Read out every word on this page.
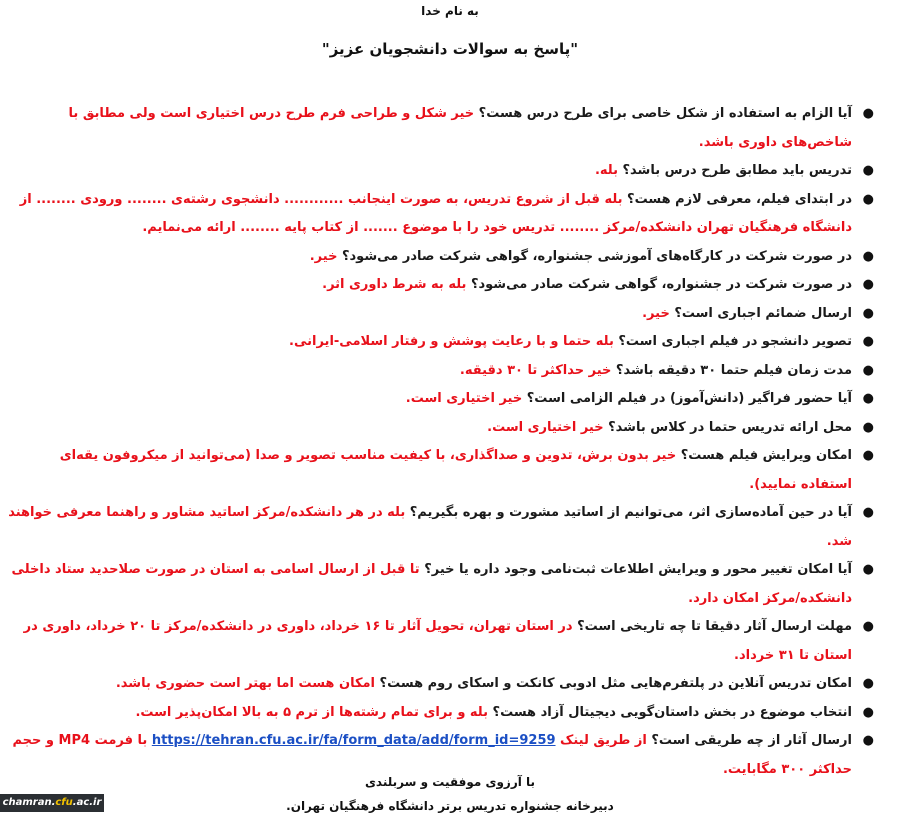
به نام خدا
"پاسخ به سوالات دانشجویان عزیز"
●
آیا الزام به استفاده از شکل خاصی برای طرح درس هست؟ خیر شکل و طراحی فرم طرح درس اختیاری است ولی مطابق با شاخص‌های داوری باشد.
●
تدریس باید مطابق طرح درس باشد؟ بله.
●
در ابتدای فیلم، معرفی لازم هست؟ بله قبل از شروع تدریس، به صورت اینجانب ............ دانشجوی رشته‌ی ........ ورودی ........ از دانشگاه فرهنگیان تهران دانشکده/مرکز ........ تدریس خود را با موضوع ....... از کتاب پایه ........ ارائه می‌نمایم.
●
در صورت شرکت در کارگاه‌های آموزشی جشنواره، گواهی شرکت صادر می‌شود؟ خیر.
●
در صورت شرکت در جشنواره، گواهی شرکت صادر می‌شود؟ بله به شرط داوری اثر.
●
ارسال ضمائم اجباری است؟ خیر.
●
تصویر دانشجو در فیلم اجباری است؟ بله حتما و با رعایت پوشش و رفتار اسلامی-ایرانی.
●
مدت زمان فیلم حتما ۳۰ دقیقه باشد؟ خیر حداکثر تا ۳۰ دقیقه.
●
آیا حضور فراگیر (دانش‌آموز) در فیلم الزامی است؟ خیر اختیاری است.
●
محل ارائه تدریس حتما در کلاس باشد؟ خیر اختیاری است.
●
امکان ویرایش فیلم هست؟ خیر بدون برش، تدوین و صداگذاری، با کیفیت مناسب تصویر و صدا (می‌توانید از میکروفون یقه‌ای استفاده نمایید).
●
آیا در حین آماده‌سازی اثر، می‌توانیم از اساتید مشورت و بهره بگیریم؟ بله در هر دانشکده/مرکز اساتید مشاور و راهنما معرفی خواهند شد.
●
آیا امکان تغییر محور و ویرایش اطلاعات ثبت‌نامی وجود داره یا خیر؟ تا قبل از ارسال اسامی به استان در صورت صلاحدید ستاد داخلی دانشکده/مرکز امکان دارد.
●
مهلت ارسال آثار دقیقا تا چه تاریخی است؟ در استان تهران، تحویل آثار تا ۱۶ خرداد، داوری در دانشکده/مرکز تا ۲۰ خرداد، داوری در استان تا ۳۱ خرداد.
●
امکان تدریس آنلاین در پلتفرم‌هایی مثل ادوبی کانکت و اسکای روم هست؟ امکان هست اما بهتر است حضوری باشد.
●
انتخاب موضوع در بخش داستان‌گویی دیجیتال آزاد هست؟ بله و برای تمام رشته‌ها از ترم ۵ به بالا امکان‌پذیر است.
●
ارسال آثار از چه طریقی است؟ از طریق لینک https://tehran.cfu.ac.ir/fa/form_data/add/form_id=9259 با فرمت MP4 و حجم حداکثر ۳۰۰ مگابایت.
با آرزوی موفقیت و سربلندی
دبیرخانه جشنواره تدریس برتر دانشگاه فرهنگیان تهران.
chamran.cfu.ac.ir
